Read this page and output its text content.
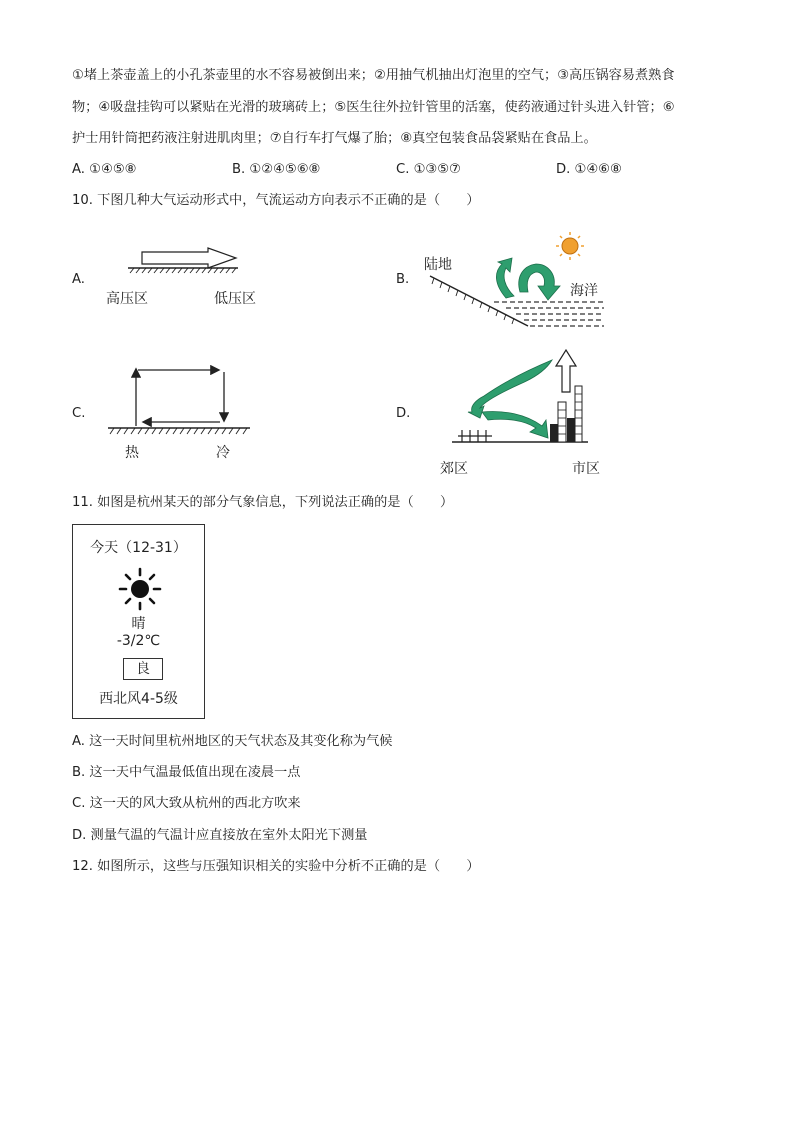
①堵上茶壶盖上的小孔茶壶里的水不容易被倒出来；②用抽气机抽出灯泡里的空气；③高压锅容易煮熟食
物；④吸盘挂钩可以紧贴在光滑的玻璃砖上；⑤医生往外拉针管里的活塞，使药液通过针头进入针管；⑥
护士用针筒把药液注射进肌肉里；⑦自行车打气爆了胎；⑧真空包装食品袋紧贴在食品上。
A. ①④⑤⑧	B. ①②④⑤⑥⑧	C. ①③⑤⑦	D. ①④⑥⑧
10. 下图几种大气运动形式中，气流运动方向表示不正确的是（　　）
A.
高压区	低压区
B.
陆地
海洋
C.
热	冷
D.
郊区	市区
11. 如图是杭州某天的部分气象信息，下列说法正确的是（　　）
今天（12-31）
晴
-3/2℃
良
西北风4-5级
A. 这一天时间里杭州地区的天气状态及其变化称为气候
B. 这一天中气温最低值出现在凌晨一点
C. 这一天的风大致从杭州的西北方吹来
D. 测量气温的气温计应直接放在室外太阳光下测量
12. 如图所示，这些与压强知识相关的实验中分析不正确的是（　　）
